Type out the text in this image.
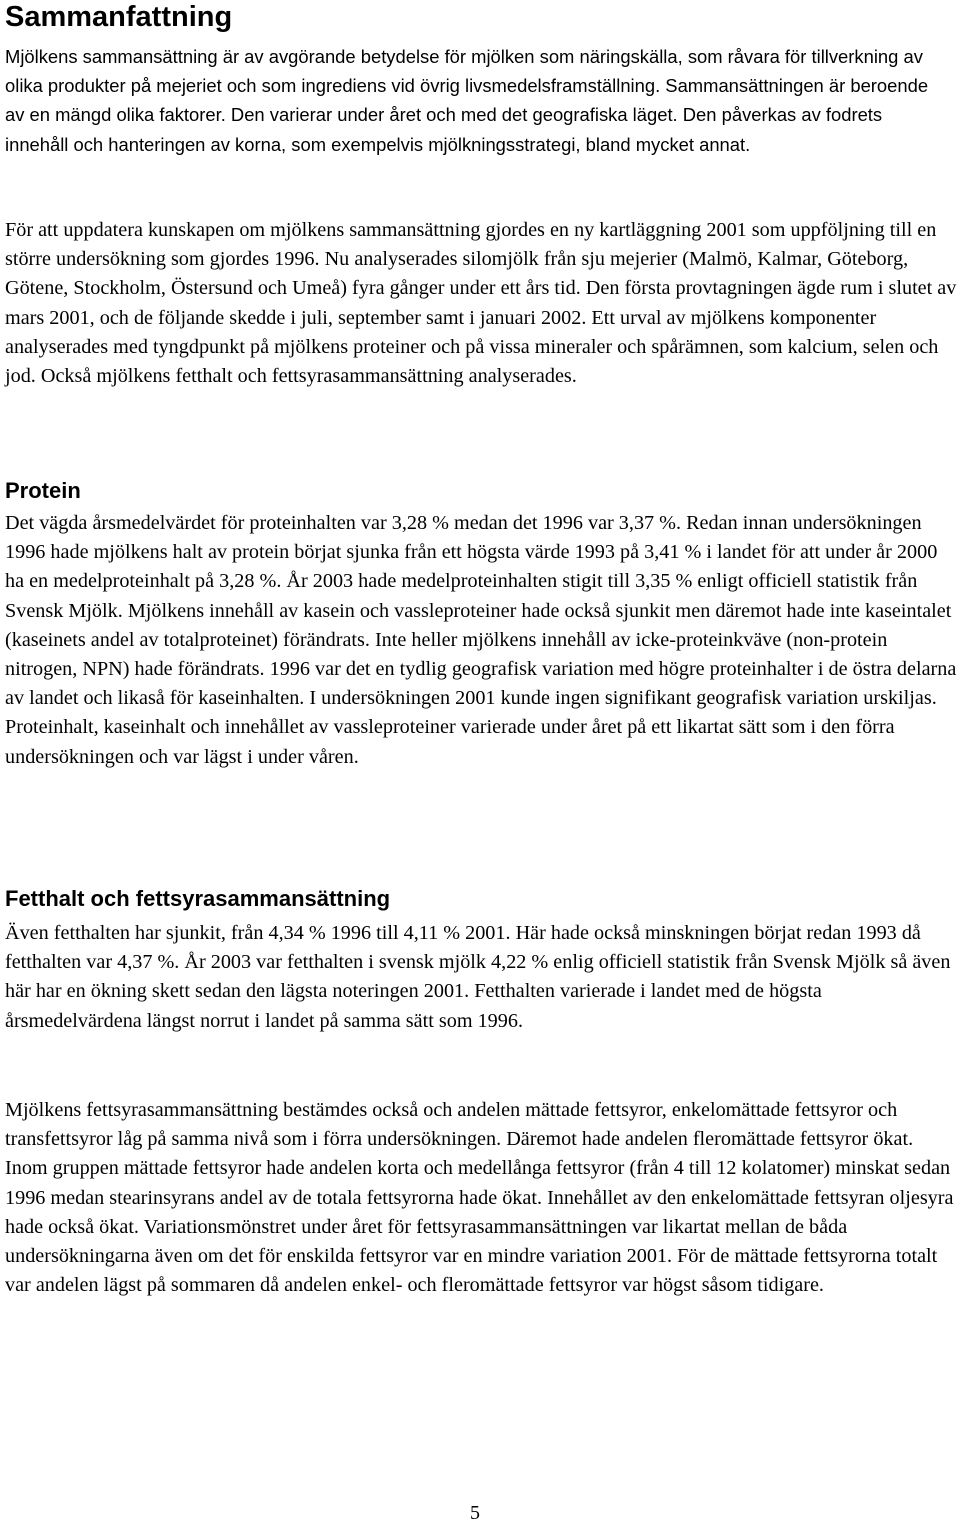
Sammanfattning

Mjölkens sammansättning är av avgörande betydelse för mjölken som näringskälla, som råvara för tillverkning av olika produkter på mejeriet och som ingrediens vid övrig livsmedelsframställning. Sammansättningen är beroende av en mängd olika faktorer. Den varierar under året och med det geografiska läget. Den påverkas av fodrets innehåll och hanteringen av korna, som exempelvis mjölkningsstrategi, bland mycket annat.

För att uppdatera kunskapen om mjölkens sammansättning gjordes en ny kartläggning 2001 som uppföljning till en större undersökning som gjordes 1996. Nu analyserades silomjölk från sju mejerier (Malmö, Kalmar, Göteborg, Götene, Stockholm, Östersund och Umeå) fyra gånger under ett års tid. Den första provtagningen ägde rum i slutet av mars 2001, och de följande skedde i juli, september samt i januari 2002. Ett urval av mjölkens komponenter analyserades med tyngdpunkt på mjölkens proteiner och på vissa mineraler och spårämnen, som kalcium, selen och jod. Också mjölkens fetthalt och fettsyrasammansättning analyserades.

Protein

Det vägda årsmedelvärdet för proteinhalten var 3,28 % medan det 1996 var 3,37 %. Redan innan undersökningen 1996 hade mjölkens halt av protein börjat sjunka från ett högsta värde 1993 på 3,41 % i landet för att under år 2000 ha en medelproteinhalt på 3,28 %. År 2003 hade medelproteinhalten stigit till 3,35 % enligt officiell statistik från Svensk Mjölk. Mjölkens innehåll av kasein och vassleproteiner hade också sjunkit men däremot hade inte kaseintalet (kaseinets andel av totalproteinet) förändrats. Inte heller mjölkens innehåll av icke-proteinkväve (non-protein nitrogen, NPN) hade förändrats. 1996 var det en tydlig geografisk variation med högre proteinhalter i de östra delarna av landet och likaså för kaseinhalten. I undersökningen 2001 kunde ingen signifikant geografisk variation urskiljas. Proteinhalt, kaseinhalt och innehållet av vassleproteiner varierade under året på ett likartat sätt som i den förra undersökningen och var lägst i under våren.

Fetthalt och fettsyrasammansättning

Även fetthalten har sjunkit, från 4,34 % 1996 till 4,11 % 2001. Här hade också minskningen börjat redan 1993 då fetthalten var 4,37 %. År 2003 var fetthalten i svensk mjölk 4,22 % enlig officiell statistik från Svensk Mjölk så även här har en ökning skett sedan den lägsta noteringen 2001. Fetthalten varierade i landet med de högsta årsmedelvärdena längst norrut i landet på samma sätt som 1996.

Mjölkens fettsyrasammansättning bestämdes också och andelen mättade fettsyror, enkelomättade fettsyror och transfettsyror låg på samma nivå som i förra undersökningen. Däremot hade andelen fleromättade fettsyror ökat. Inom gruppen mättade fettsyror hade andelen korta och medellånga fettsyror (från 4 till 12 kolatomer) minskat sedan 1996 medan stearinsyrans andel av de totala fettsyrorna hade ökat. Innehållet av den enkelomättade fettsyran oljesyra hade också ökat. Variationsmönstret under året för fettsyrasammansättningen var likartat mellan de båda undersökningarna även om det för enskilda fettsyror var en mindre variation 2001. För de mättade fettsyrorna totalt var andelen lägst på sommaren då andelen enkel- och fleromättade fettsyror var högst såsom tidigare.

5
